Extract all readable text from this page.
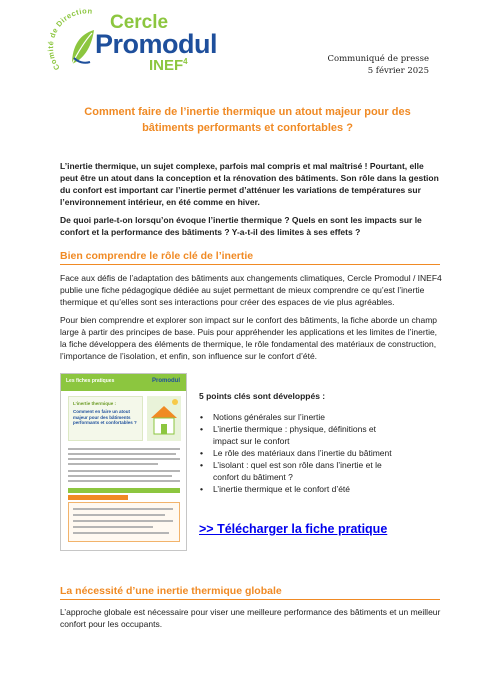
Comité de Direction
Cercle
Promodul
INEF$^4$	Communiqué de presse
5 février 2025
Comment faire de l’inertie thermique un atout majeur pour des bâtiments performants et confortables ?

L’inertie thermique, un sujet complexe, parfois mal compris et mal maîtrisé ! Pourtant, elle peut être un atout dans la conception et la rénovation des bâtiments. Son rôle dans la gestion du confort est important car l’inertie permet d’atténuer les variations de températures sur l’environnement intérieur, en été comme en hiver.

De quoi parle-t-on lorsqu’on évoque l’inertie thermique ? Quels en sont les impacts sur le confort et la performance des bâtiments ? Y-a-t-il des limites à ses effets ?

Bien comprendre le rôle clé de l’inertie

Face aux défis de l’adaptation des bâtiments aux changements climatiques, Cercle Promodul / INEF4 publie une fiche pédagogique dédiée au sujet permettant de mieux comprendre ce qu’est l’inertie thermique et qu’elles sont ses interactions pour créer des espaces de vie plus agréables.

Pour bien comprendre et explorer son impact sur le confort des bâtiments, la fiche aborde un champ large à partir des principes de base. Puis pour appréhender les applications et les limites de l’inertie, la fiche développera des éléments de thermique, le rôle fondamental des matériaux de construction, l’importance de l’isolation, et enfin, son influence sur le confort d’été.

Les fiches pratiques	Promodul
L’inertie thermique :
Comment en faire un atout majeur pour des bâtiments performants et confortables ?
5 points clés sont développés :
• Notions générales sur l’inertie
• L’inertie thermique : physique, définitions et impact sur le confort
• Le rôle des matériaux dans l’inertie du bâtiment
• L’isolant : quel est son rôle dans l’inertie et le confort du bâtiment ?
• L’inertie thermique et le confort d’été
>> Télécharger la fiche pratique
La nécessité d’une inertie thermique globale
L’approche globale est nécessaire pour viser une meilleure performance des bâtiments et un meilleur confort pour les occupants.
